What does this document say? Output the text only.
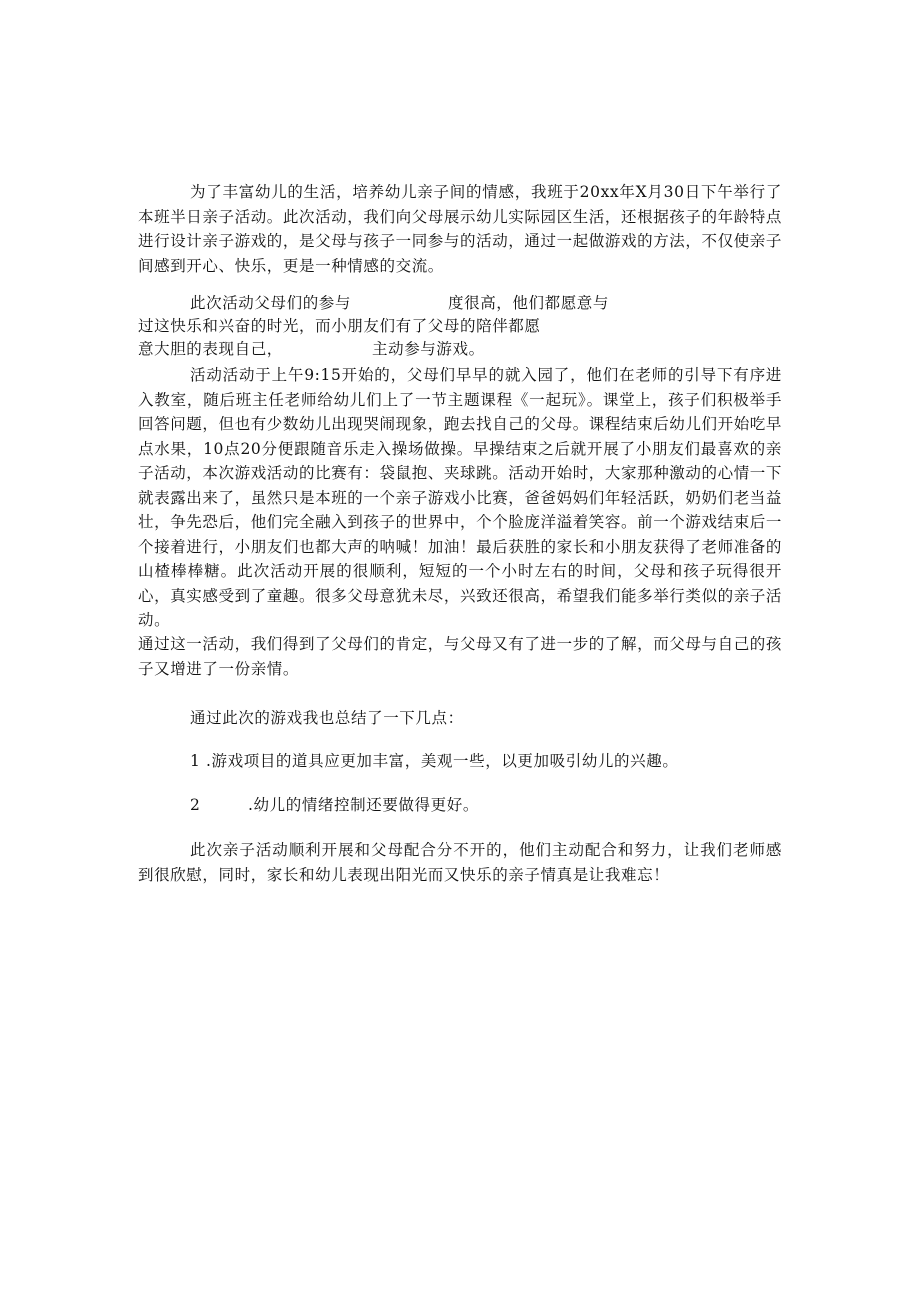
为了丰富幼儿的生活，培养幼儿亲子间的情感，我班于20xx年X月30日下午举行了本班半日亲子活动。此次活动，我们向父母展示幼儿实际园区生活，还根据孩子的年龄特点进行设计亲子游戏的，是父母与孩子一同参与的活动，通过一起做游戏的方法，不仅使亲子间感到开心、快乐，更是一种情感的交流。

此次活动父母们的参与	度很高，他们都愿意与
过这快乐和兴奋的时光，而小朋友们有了父母的陪伴都愿
意大胆的表现自己，	主动参与游戏。

活动活动于上午9:15开始的，父母们早早的就入园了，他们在老师的引导下有序进入教室，随后班主任老师给幼儿们上了一节主题课程《一起玩》。课堂上，孩子们积极举手回答问题，但也有少数幼儿出现哭闹现象，跑去找自己的父母。课程结束后幼儿们开始吃早点水果，10点20分便跟随音乐走入操场做操。早操结束之后就开展了小朋友们最喜欢的亲子活动，本次游戏活动的比赛有：袋鼠抱、夹球跳。活动开始时，大家那种激动的心情一下就表露出来了，虽然只是本班的一个亲子游戏小比赛，爸爸妈妈们年轻活跃，奶奶们老当益壮，争先恐后，他们完全融入到孩子的世界中，个个脸庞洋溢着笑容。前一个游戏结束后一个接着进行，小朋友们也都大声的呐喊！加油！最后获胜的家长和小朋友获得了老师准备的山楂棒棒糖。此次活动开展的很顺利，短短的一个小时左右的时间，父母和孩子玩得很开心，真实感受到了童趣。很多父母意犹未尽，兴致还很高，希望我们能多举行类似的亲子活动。

通过这一活动，我们得到了父母们的肯定，与父母又有了进一步的了解，而父母与自己的孩子又增进了一份亲情。

通过此次的游戏我也总结了一下几点：

1 .游戏项目的道具应更加丰富，美观一些，以更加吸引幼儿的兴趣。
2	.幼儿的情绪控制还要做得更好。

此次亲子活动顺利开展和父母配合分不开的，他们主动配合和努力，让我们老师感到很欣慰，同时，家长和幼儿表现出阳光而又快乐的亲子情真是让我难忘！
